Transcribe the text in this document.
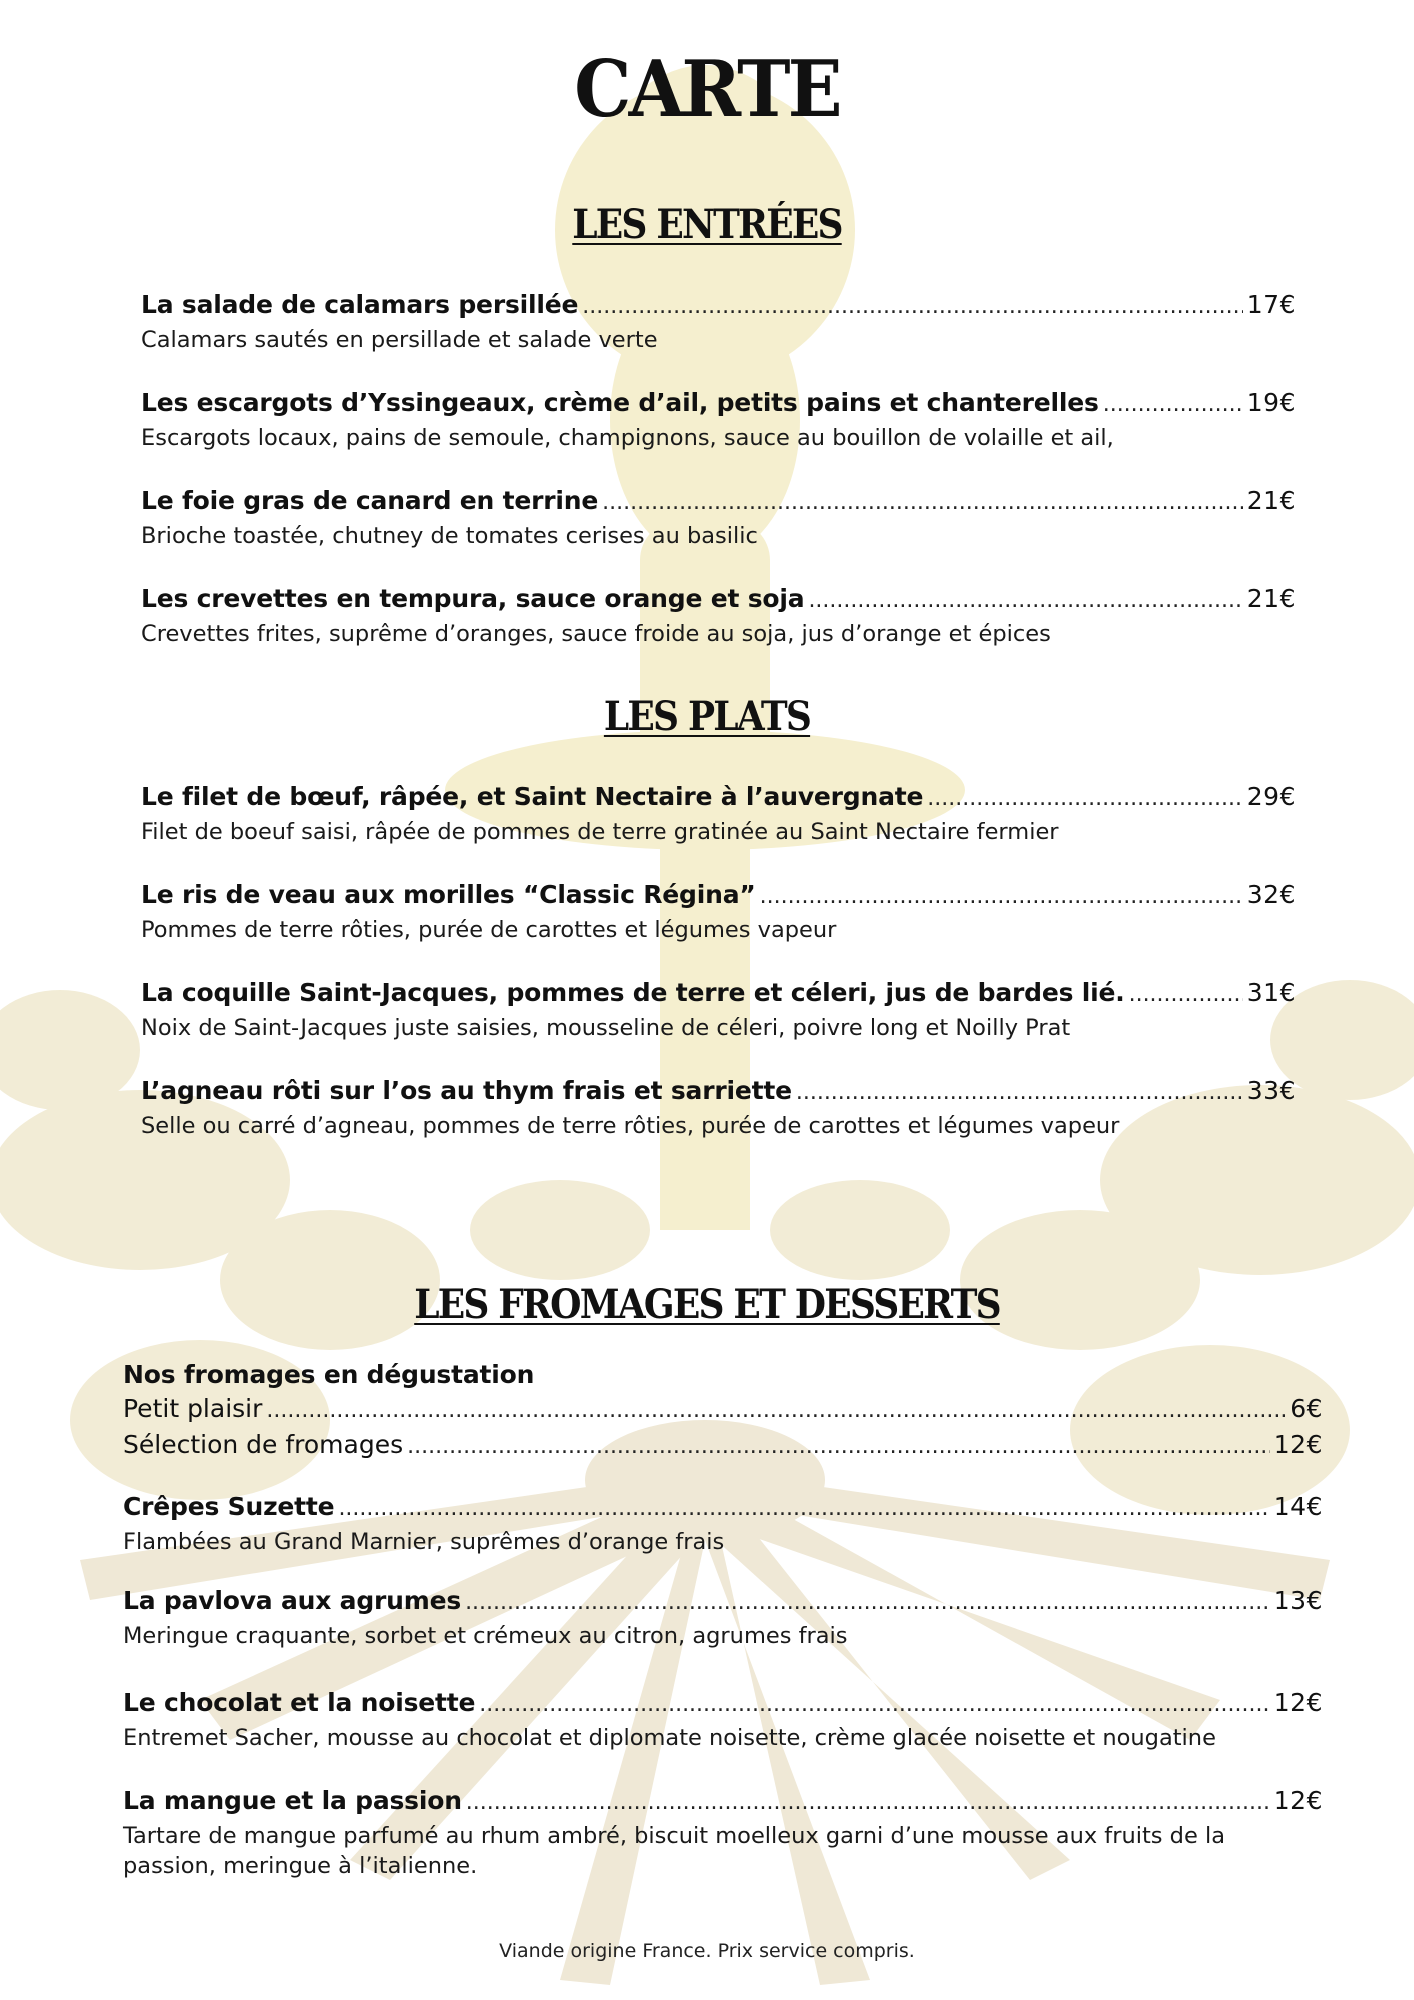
CARTE
LES ENTRÉES
La salade de calamars persillée .....	17€
Calamars sautés en persillade et salade verte
Les escargots d’Yssingeaux, crème d’ail, petits pains et chanterelles .....	19€
Escargots locaux, pains de semoule, champignons, sauce au bouillon de volaille et ail,
Le foie gras de canard en terrine .....	21€
Brioche toastée, chutney de tomates cerises au basilic
Les crevettes en tempura, sauce orange et soja .....	21€
Crevettes frites, suprême d’oranges, sauce froide au soja, jus d’orange et épices
LES PLATS
Le filet de bœuf, râpée, et Saint Nectaire à l’auvergnate .....	29€
Filet de boeuf saisi, râpée de pommes de terre gratinée au Saint Nectaire fermier
Le ris de veau aux morilles “Classic Régina” .....	32€
Pommes de terre rôties, purée de carottes et légumes vapeur
La coquille Saint-Jacques, pommes de terre et céleri, jus de bardes lié. .....	31€
Noix de Saint-Jacques juste saisies, mousseline de céleri, poivre long et Noilly Prat
L’agneau rôti sur l’os au thym frais et sarriette .....	33€
Selle ou carré d’agneau, pommes de terre rôties, purée de carottes et légumes vapeur
LES FROMAGES ET DESSERTS
Nos fromages en dégustation
Petit plaisir .....	6€
Sélection de fromages .....	12€
Crêpes Suzette .....	14€
Flambées au Grand Marnier, suprêmes d’orange frais
La pavlova aux agrumes .....	13€
Meringue craquante, sorbet et crémeux au citron, agrumes frais
Le chocolat et la noisette .....	12€
Entremet Sacher, mousse au chocolat et diplomate noisette, crème glacée noisette et nougatine
La mangue et la passion .....	12€
Tartare de mangue parfumé au rhum ambré, biscuit moelleux garni d’une mousse aux fruits de la passion, meringue à l’italienne.
Viande origine France. Prix service compris.
